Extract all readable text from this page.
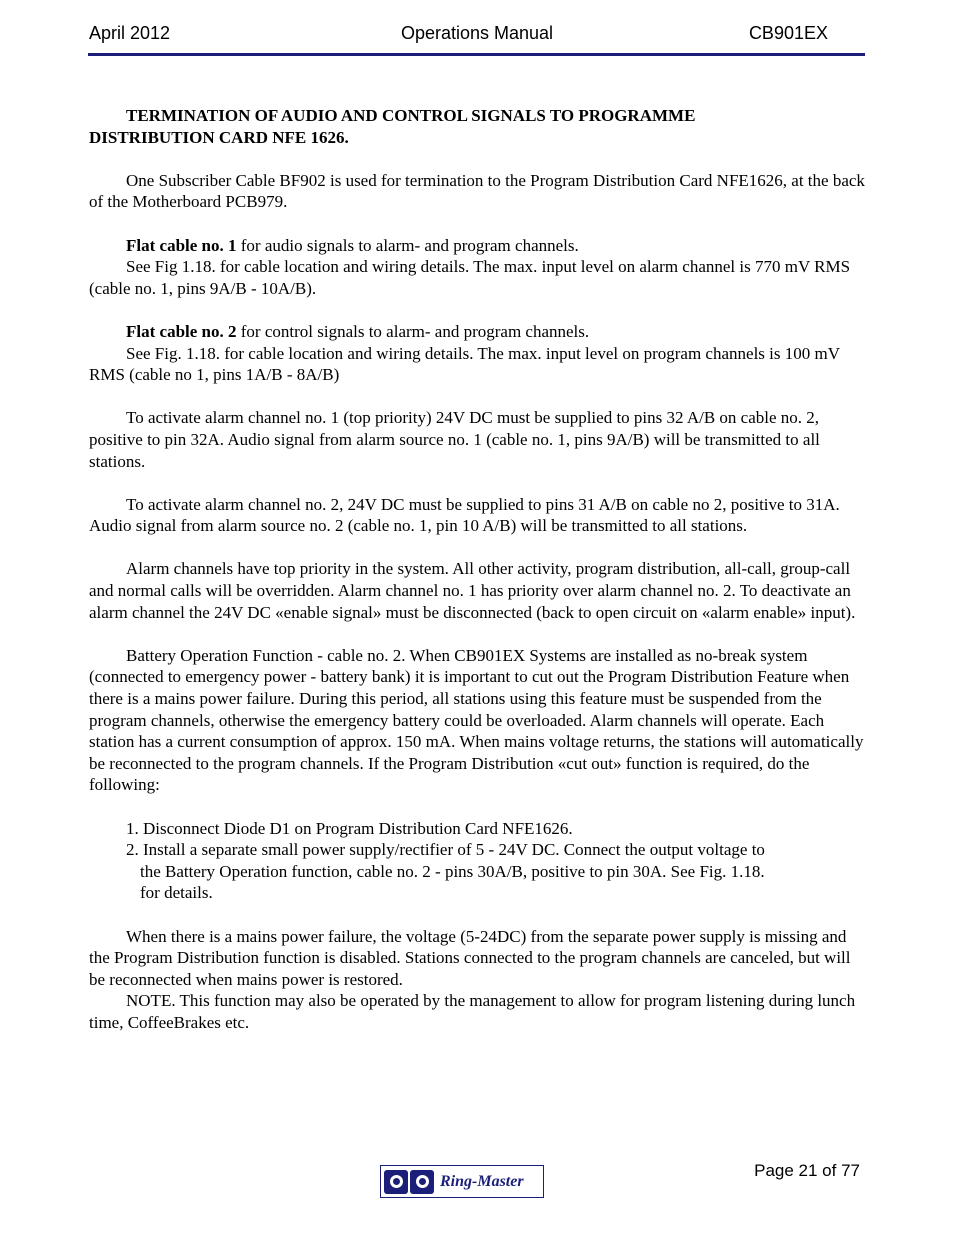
April 2012	Operations Manual	CB901EX

TERMINATION OF AUDIO AND CONTROL SIGNALS TO PROGRAMME

DISTRIBUTION CARD NFE 1626.

One Subscriber Cable BF902 is used for termination to the Program Distribution Card NFE1626, at the back of the Motherboard PCB979.

Flat cable no. 1 for audio signals to alarm- and program channels.

See Fig 1.18. for cable location and wiring details. The max. input level on alarm channel is 770 mV RMS (cable no. 1, pins 9A/B - 10A/B).

Flat cable no. 2 for control signals to alarm- and program channels.

See Fig. 1.18. for cable location and wiring details. The max. input level on program channels is 100 mV RMS (cable no 1, pins 1A/B - 8A/B)

To activate alarm channel no. 1 (top priority) 24V DC must be supplied to pins 32 A/B on cable no. 2, positive to pin 32A. Audio signal from alarm source no. 1 (cable no. 1, pins 9A/B) will be transmitted to all stations.

To activate alarm channel no. 2, 24V DC must be supplied to pins 31 A/B on cable no 2, positive to 31A. Audio signal from alarm source no. 2 (cable no. 1, pin 10 A/B) will be transmitted to all stations.

Alarm channels have top priority in the system. All other activity, program distribution, all-call, group-call and normal calls will be overridden. Alarm channel no. 1 has priority over alarm channel no. 2. To deactivate an alarm channel the 24V DC «enable signal» must be disconnected (back to open circuit on «alarm enable» input).

Battery Operation Function - cable no. 2. When CB901EX Systems are installed as no-break system (connected to emergency power - battery bank) it is important to cut out the Program Distribution Feature when there is a mains power failure. During this period, all stations using this feature must be suspended from the program channels, otherwise the emergency battery could be overloaded. Alarm channels will operate. Each station has a current consumption of approx. 150 mA. When mains voltage returns, the stations will automatically be reconnected to the program channels. If the Program Distribution «cut out» function is required, do the following:

1. Disconnect Diode D1 on Program Distribution Card NFE1626.
2. Install a separate small power supply/rectifier of 5 - 24V DC. Connect the output voltage to the Battery Operation function, cable no. 2 - pins 30A/B, positive to pin 30A. See Fig. 1.18. for details.

When there is a mains power failure, the voltage (5-24DC) from the separate power supply is missing and the Program Distribution function is disabled. Stations connected to the program channels are canceled, but will be reconnected when mains power is restored.

NOTE. This function may also be operated by the management to allow for program listening during lunch time, CoffeeBrakes etc.

Page 21 of 77
Ring-Master
